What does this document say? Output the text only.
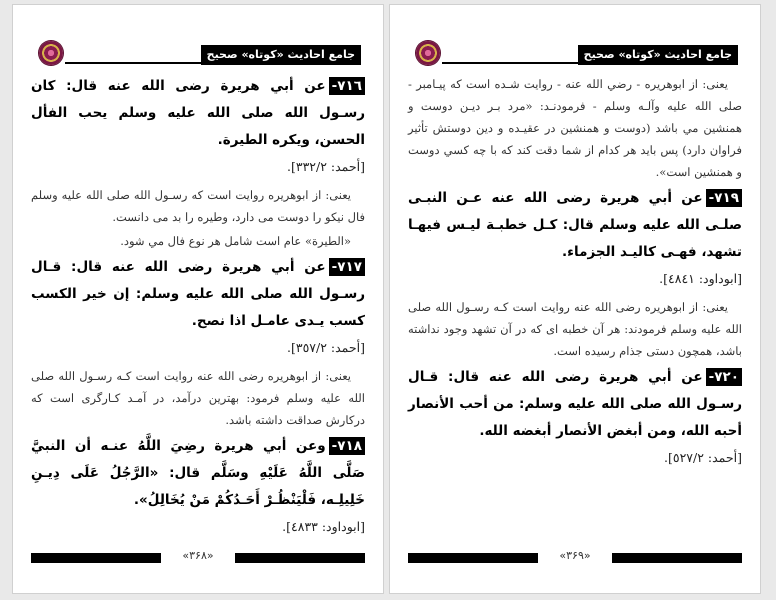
جامع احادیث «کوتاه» صحیح

٧١٦-عن أبي هريرة رضى الله عنه قال: كان رسـول الله صلى الله عليه وسلم يحب الفأل الحسن، ويكره الطيرة.

[أحمد: ٣٣٢/٢].

يعنى: از ابوهريره روايت است كه رسـول الله صلى الله عليه وسلم فال نيكو را دوست مى دارد، وطيره را بد مى دانست.

«الطيرة» عام است شامل هر نوع فال مي شود.

٧١٧-عن أبي هريرة رضى الله عنه قال: قـال رسـول الله صلى الله عليه وسلم: إن خير الكسب كسب يـدى عامـل اذا نصح.

[أحمد: ٣٥٧/٢].

يعنى: از ابوهريره رضى الله عنه روايت است كـه رسـول الله صلى الله عليه وسلم فرمود: بهترين درآمد، در آمـد كـارگرى است كه دركارش صداقت داشته باشد.

٧١٨-وعن أبي هريرة رضِيَ اللَّهُ عنـه أن النبيَّ صَلَّى اللَّهُ عَلَيْهِ وسَلَّم قال: «الرَّجُلُ عَلَى دِيـنِ خَلِيلِـه، فَلْيَنْظُـرْ أَحَـدُكُمْ مَنْ يُخَالِلُ».

[ابوداود: ٤٨٣٣].

«۳۶۸»
جامع احادیث «کوتاه» صحیح

يعنى: از ابوهريره - رضي الله عنه - روايت شـده است كه پيـامبر - صلى الله عليه وآلـه وسلم - فرمودنـد: «مرد بـر ديـن دوست و همنشين مي باشد (دوست و همنشين در عقيـده و دين دوستش تأثير فراوان دارد) پس بايد هر كدام از شما دقت كند كه با چه كسي دوست و همنشين است».

٧١٩-عن أبي هريرة رضى الله عنه عـن النبـى صلـى الله عليه وسلم قال: كـل خطبـة ليـس فيهـا تشهد، فهـى كاليـد الجزماء.

[ابوداود: ٤٨٤١].

يعنى: از ابوهريره رضى الله عنه روايت است كـه رسـول الله صلى الله عليه وسلم فرمودند: هر آن خطبه اى كه در آن تشهد وجود نداشته باشد، همچون دستى جذام رسيده است.

٧٢٠-عن أبي هريرة رضى الله عنه قال: قـال رسـول الله صلى الله عليه وسلم: من أحب الأنصار أحبه الله، ومن أبغض الأنصار أبغضه الله.

[أحمد: ٥٢٧/٢].

«۳۶۹»
